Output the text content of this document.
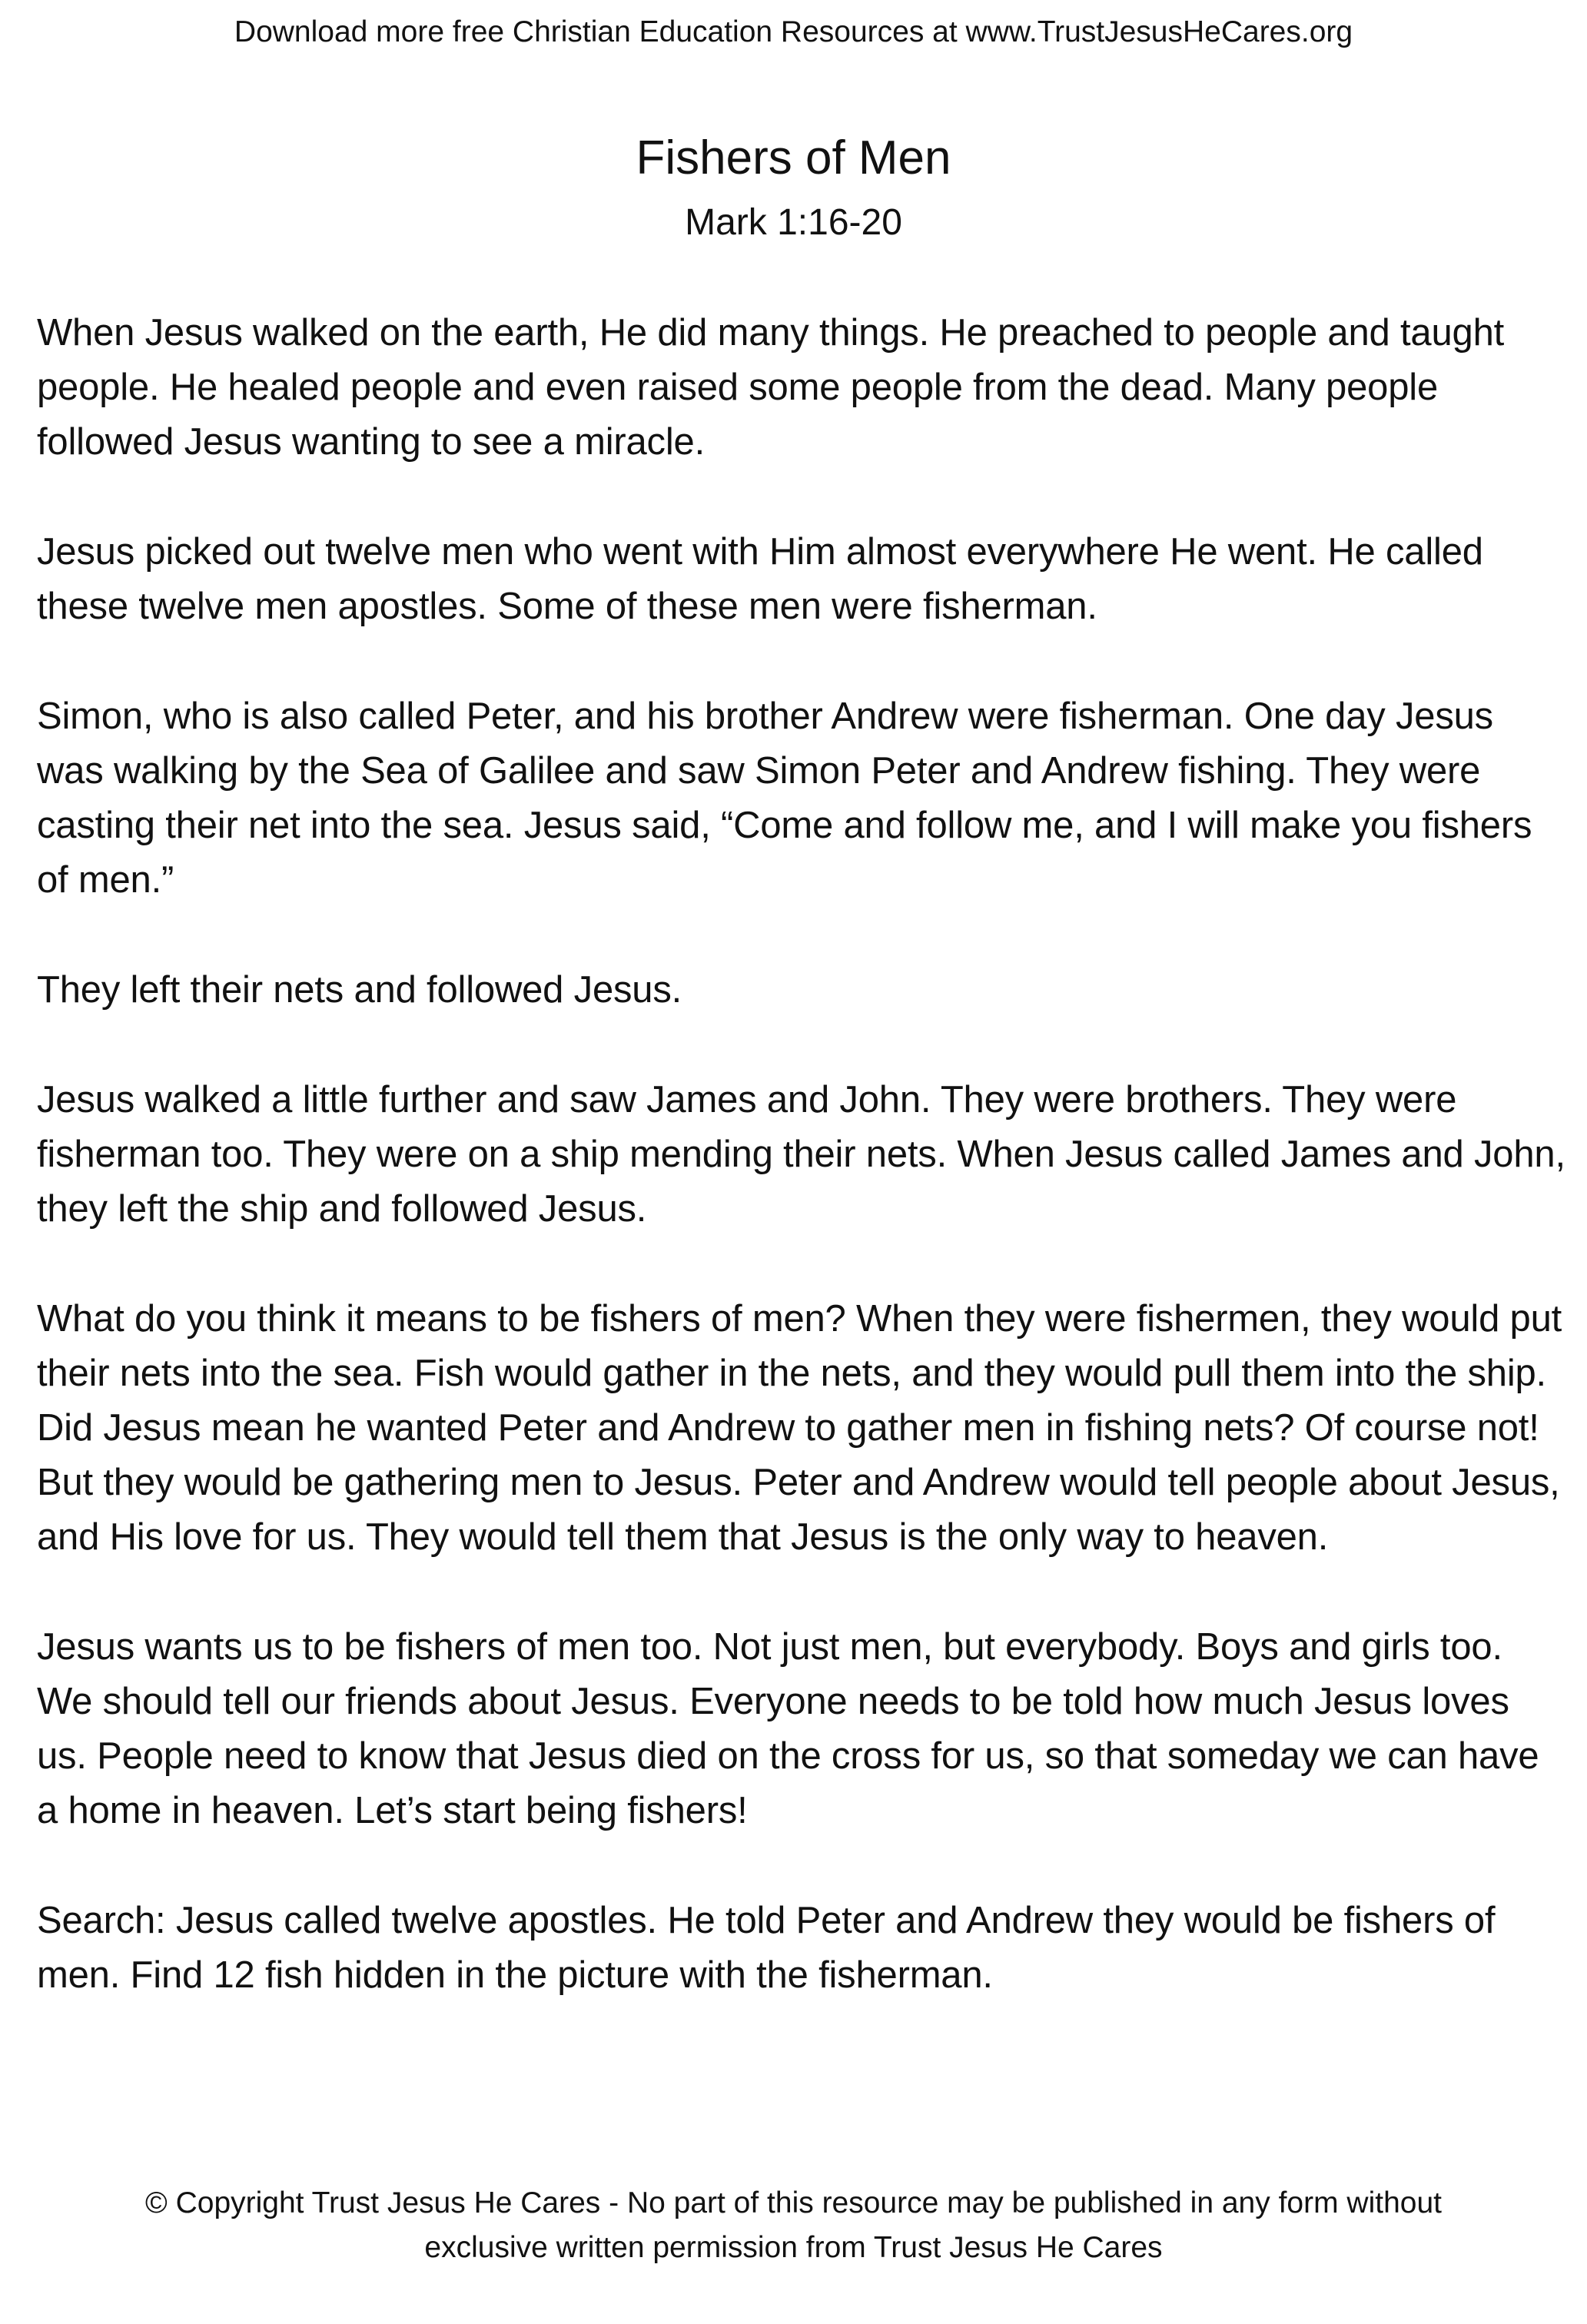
Download more free Christian Education Resources at www.TrustJesusHeCares.org
Fishers of Men
Mark 1:16-20

When Jesus walked on the earth, He did many things. He preached to people and taught people. He healed people and even raised some people from the dead. Many people followed Jesus wanting to see a miracle.

Jesus picked out twelve men who went with Him almost everywhere He went. He called these twelve men apostles. Some of these men were fisherman.

Simon, who is also called Peter, and his brother Andrew were fisherman. One day Jesus was walking by the Sea of Galilee and saw Simon Peter and Andrew fishing. They were casting their net into the sea. Jesus said, “Come and follow me, and I will make you fishers of men.”

They left their nets and followed Jesus.

Jesus walked a little further and saw James and John. They were brothers. They were fisherman too. They were on a ship mending their nets. When Jesus called James and John, they left the ship and followed Jesus.

What do you think it means to be fishers of men? When they were fishermen, they would put their nets into the sea. Fish would gather in the nets, and they would pull them into the ship. Did Jesus mean he wanted Peter and Andrew to gather men in fishing nets? Of course not! But they would be gathering men to Jesus. Peter and Andrew would tell people about Jesus, and His love for us. They would tell them that Jesus is the only way to heaven.

Jesus wants us to be fishers of men too. Not just men, but everybody. Boys and girls too. We should tell our friends about Jesus. Everyone needs to be told how much Jesus loves us. People need to know that Jesus died on the cross for us, so that someday we can have a home in heaven. Let’s start being fishers!

Search: Jesus called twelve apostles. He told Peter and Andrew they would be fishers of men. Find 12 fish hidden in the picture with the fisherman.

© Copyright Trust Jesus He Cares - No part of this resource may be published in any form without
exclusive written permission from Trust Jesus He Cares
